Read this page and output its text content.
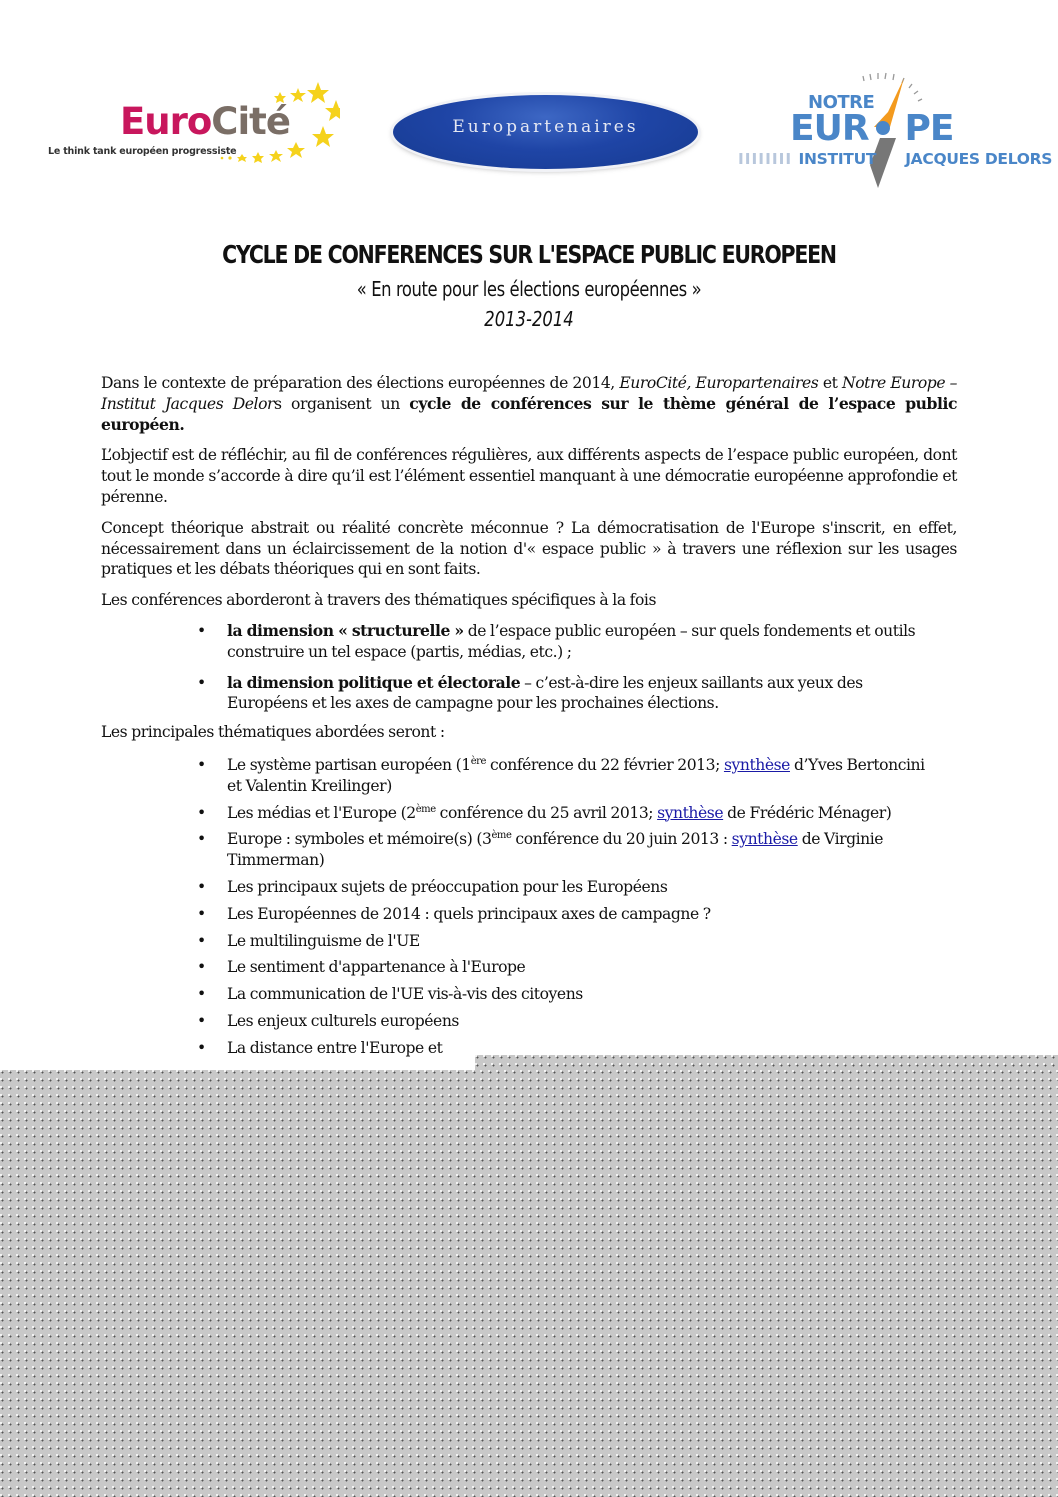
EuroCité
Le think tank européen progressiste
Europartenaires
NOTRE
EUR PE
IIIIIIII INSTITUT JACQUES DELORS
CYCLE DE CONFERENCES SUR L'ESPACE PUBLIC EUROPEEN
« En route pour les élections européennes »
2013-2014

Dans le contexte de préparation des élections européennes de 2014, EuroCité, Europartenaires et Notre Europe – Institut Jacques Delors organisent un cycle de conférences sur le thème général de l’espace public européen.

L’objectif est de réfléchir, au fil de conférences régulières, aux différents aspects de l’espace public européen, dont tout le monde s’accorde à dire qu’il est l’élément essentiel manquant à une démocratie européenne approfondie et pérenne.

Concept théorique abstrait ou réalité concrète méconnue ? La démocratisation de l'Europe s'inscrit, en effet, nécessairement dans un éclaircissement de la notion d'« espace public » à travers une réflexion sur les usages pratiques et les débats théoriques qui en sont faits.

Les conférences aborderont à travers des thématiques spécifiques à la fois

• la dimension « structurelle » de l’espace public européen – sur quels fondements et outils construire un tel espace (partis, médias, etc.) ;
• la dimension politique et électorale – c’est-à-dire les enjeux saillants aux yeux des Européens et les axes de campagne pour les prochaines élections.

Les principales thématiques abordées seront :

• Le système partisan européen (1ère conférence du 22 février 2013; synthèse d’Yves Bertoncini et Valentin Kreilinger)
• Les médias et l'Europe (2ème conférence du 25 avril 2013; synthèse de Frédéric Ménager)
• Europe : symboles et mémoire(s) (3ème conférence du 20 juin 2013 : synthèse de Virginie Timmerman)
• Les principaux sujets de préoccupation pour les Européens
• Les Européennes de 2014 : quels principaux axes de campagne ?
• Le multilinguisme de l'UE
• Le sentiment d'appartenance à l'Europe
• La communication de l'UE vis-à-vis des citoyens
• Les enjeux culturels européens
• La distance entre l'Europe et
